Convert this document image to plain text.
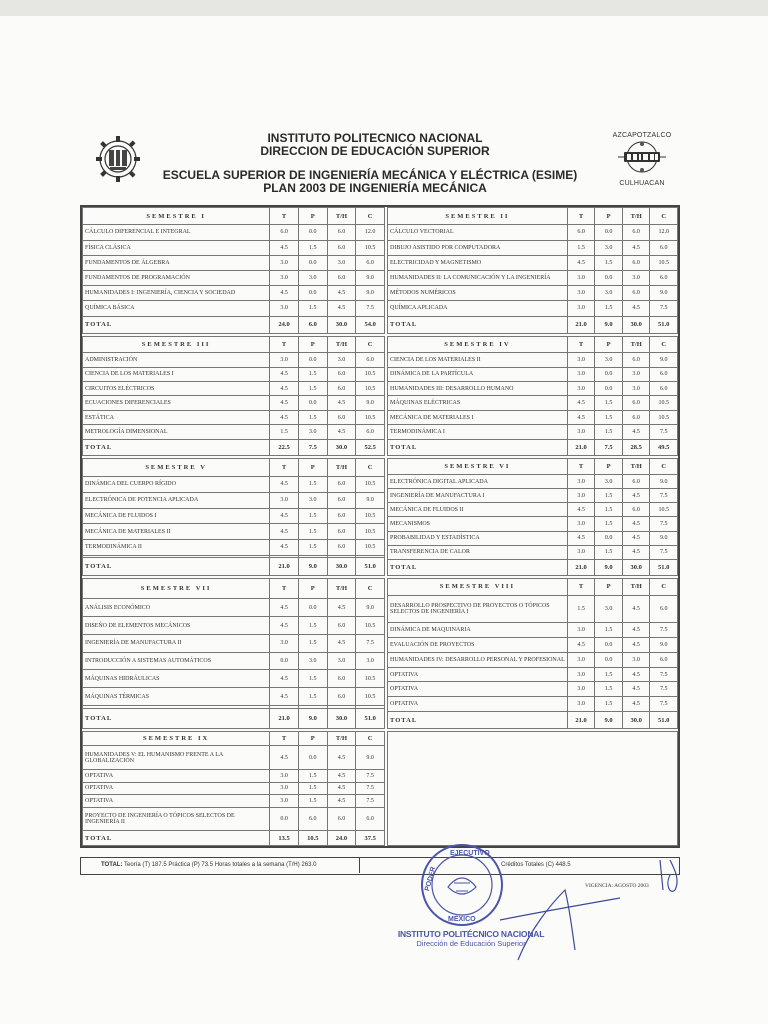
INSTITUTO POLITECNICO NACIONAL
DIRECCION DE EDUCACIÓN SUPERIOR
ESCUELA SUPERIOR DE INGENIERÍA MECÁNICA Y ELÉCTRICA (ESIME)
PLAN 2003 DE INGENIERÍA MECÁNICA
AZCAPOTZALCO
CULHUACAN
SEMESTRE I	T	P	T/H	C
CÁLCULO DIFERENCIAL E INTEGRAL	6.0	0.0	6.0	12.0
FÍSICA CLÁSICA	4.5	1.5	6.0	10.5
FUNDAMENTOS DE ÁLGEBRA	3.0	0.0	3.0	6.0
FUNDAMENTOS DE PROGRAMACIÓN	3.0	3.0	6.0	9.0
HUMANIDADES I: INGENIERÍA, CIENCIA Y SOCIEDAD	4.5	0.0	4.5	9.0
QUÍMICA BÁSICA	3.0	1.5	4.5	7.5
TOTAL	24.0	6.0	30.0	54.0
SEMESTRE II	T	P	T/H	C
CÁLCULO VECTORIAL	6.0	0.0	6.0	12.0
DIBUJO ASISTIDO POR COMPUTADORA	1.5	3.0	4.5	6.0
ELECTRICIDAD Y MAGNETISMO	4.5	1.5	6.0	10.5
HUMANIDADES II: LA COMUNICACIÓN Y LA INGENIERÍA	3.0	0.0	3.0	6.0
MÉTODOS NUMÉRICOS	3.0	3.0	6.0	9.0
QUÍMICA APLICADA	3.0	1.5	4.5	7.5
TOTAL	21.0	9.0	30.0	51.0
SEMESTRE III	T	P	T/H	C
ADMINISTRACIÓN	3.0	0.0	3.0	6.0
CIENCIA DE LOS MATERIALES I	4.5	1.5	6.0	10.5
CIRCUITOS ELÉCTRICOS	4.5	1.5	6.0	10.5
ECUACIONES DIFERENCIALES	4.5	0.0	4.5	9.0
ESTÁTICA	4.5	1.5	6.0	10.5
METROLOGÍA DIMENSIONAL	1.5	3.0	4.5	6.0
TOTAL	22.5	7.5	30.0	52.5
SEMESTRE IV	T	P	T/H	C
CIENCIA DE LOS MATERIALES II	3.0	3.0	6.0	9.0
DINÁMICA DE LA PARTÍCULA	3.0	0.0	3.0	6.0
HUMANIDADES III: DESARROLLO HUMANO	3.0	0.0	3.0	6.0
MÁQUINAS ELÉCTRICAS	4.5	1.5	6.0	10.5
MECÁNICA DE MATERIALES I	4.5	1.5	6.0	10.5
TERMODINÁMICA I	3.0	1.5	4.5	7.5
TOTAL	21.0	7.5	28.5	49.5
SEMESTRE V	T	P	T/H	C
DINÁMICA DEL CUERPO RÍGIDO	4.5	1.5	6.0	10.5
ELECTRÓNICA DE POTENCIA APLICADA	3.0	3.0	6.0	9.0
MECÁNICA DE FLUIDOS I	4.5	1.5	6.0	10.5
MECÁNICA DE MATERIALES II	4.5	1.5	6.0	10.5
TERMODINÁMICA II	4.5	1.5	6.0	10.5

TOTAL	21.0	9.0	30.0	51.0
SEMESTRE VI	T	P	T/H	C
ELECTRÓNICA DIGITAL APLICADA	3.0	3.0	6.0	9.0
INGENIERÍA DE MANUFACTURA I	3.0	1.5	4.5	7.5
MECÁNICA DE FLUIDOS II	4.5	1.5	6.0	10.5
MECANISMOS	3.0	1.5	4.5	7.5
PROBABILIDAD Y ESTADÍSTICA	4.5	0.0	4.5	9.0
TRANSFERENCIA DE CALOR	3.0	1.5	4.5	7.5
TOTAL	21.0	9.0	30.0	51.0
SEMESTRE VII	T	P	T/H	C
ANÁLISIS ECONÓMICO	4.5	0.0	4.5	9.0
DISEÑO DE ELEMENTOS MECÁNICOS	4.5	1.5	6.0	10.5
INGENIERÍA DE MANUFACTURA II	3.0	1.5	4.5	7.5
INTRODUCCIÓN A SISTEMAS AUTOMÁTICOS	0.0	3.0	3.0	3.0
MÁQUINAS HIDRÁULICAS	4.5	1.5	6.0	10.5
MÁQUINAS TÉRMICAS	4.5	1.5	6.0	10.5

TOTAL	21.0	9.0	30.0	51.0
SEMESTRE VIII	T	P	T/H	C
DESARROLLO PROSPECTIVO DE PROYECTOS O TÓPICOS SELECTOS DE INGENIERÍA I	1.5	3.0	4.5	6.0
DINÁMICA DE MAQUINARIA	3.0	1.5	4.5	7.5
EVALUACIÓN DE PROYECTOS	4.5	0.0	4.5	9.0
HUMANIDADES IV: DESARROLLO PERSONAL Y PROFESIONAL	3.0	0.0	3.0	6.0
OPTATIVA	3.0	1.5	4.5	7.5
OPTATIVA	3.0	1.5	4.5	7.5
OPTATIVA	3.0	1.5	4.5	7.5
TOTAL	21.0	9.0	30.0	51.0
SEMESTRE IX	T	P	T/H	C
HUMANIDADES V: EL HUMANISMO FRENTE A LA GLOBALIZACIÓN	4.5	0.0	4.5	9.0
OPTATIVA	3.0	1.5	4.5	7.5
OPTATIVA	3.0	1.5	4.5	7.5
OPTATIVA	3.0	1.5	4.5	7.5
PROYECTO DE INGENIERÍA O TÓPICOS SELECTOS DE INGENIERÍA II	0.0	6.0	6.0	6.0
TOTAL	13.5	10.5	24.0	37.5
TOTAL: Teoría (T) 187.5 Práctica (P) 73.5 Horas totales a la semana (T/H) 263.0	Créditos Totales (C) 448.5
VIGENCIA: AGOSTO 2003
EJECUTIVO
MÉXICO
PODER
INSTITUTO POLITÉCNICO NACIONAL
Dirección de Educación Superior
